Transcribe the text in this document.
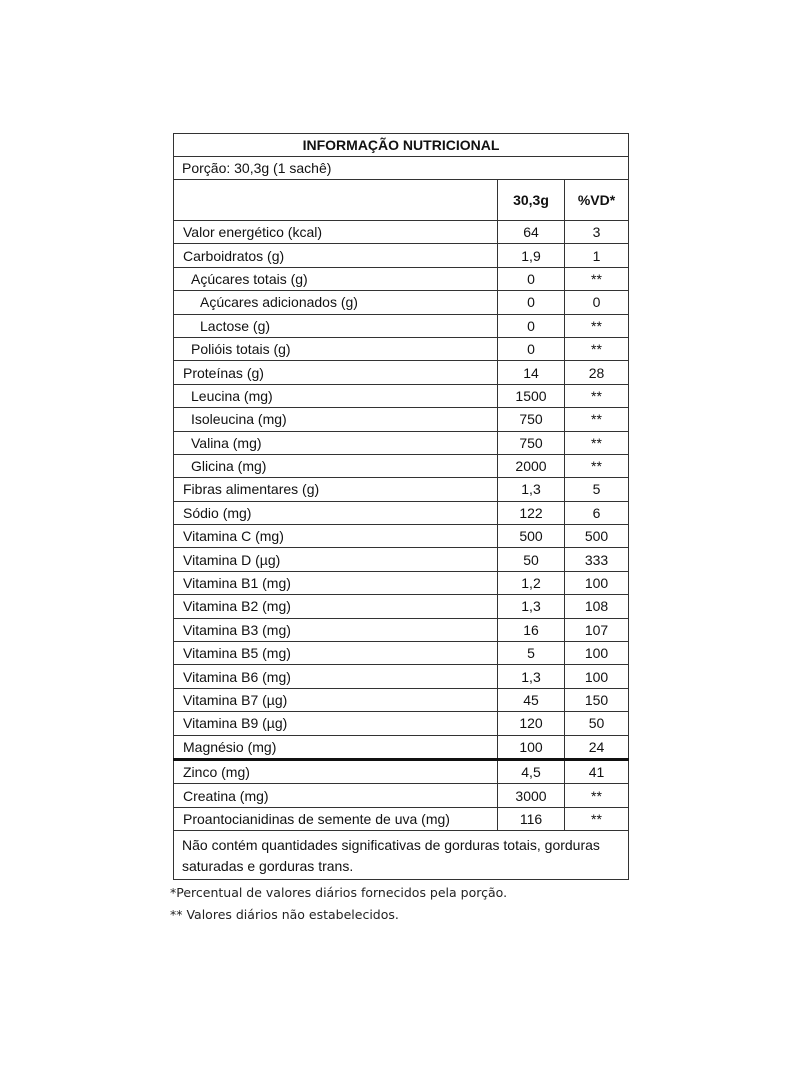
INFORMAÇÃO NUTRICIONAL		
Porção: 30,3g (1 sachê)		
	30,3g	%VD*
Valor energético (kcal)	64	3
Carboidratos (g)	1,9	1
Açúcares totais (g)	0	**
Açúcares adicionados (g)	0	0
Lactose (g)	0	**
Polióis totais (g)	0	**
Proteínas (g)	14	28
Leucina (mg)	1500	**
Isoleucina (mg)	750	**
Valina (mg)	750	**
Glicina (mg)	2000	**
Fibras alimentares (g)	1,3	5
Sódio (mg)	122	6
Vitamina C (mg)	500	500
Vitamina D (µg)	50	333
Vitamina B1 (mg)	1,2	100
Vitamina B2 (mg)	1,3	108
Vitamina B3 (mg)	16	107
Vitamina B5 (mg)	5	100
Vitamina B6 (mg)	1,3	100
Vitamina B7 (µg)	45	150
Vitamina B9 (µg)	120	50
Magnésio (mg)	100	24
Zinco (mg)	4,5	41
Creatina (mg)	3000	**
Proantocianidinas de semente de uva (mg)	116	**
Não contém quantidades significativas de gorduras totais, gorduras saturadas e gorduras trans.		
*Percentual de valores diários fornecidos pela porção.
** Valores diários não estabelecidos.
